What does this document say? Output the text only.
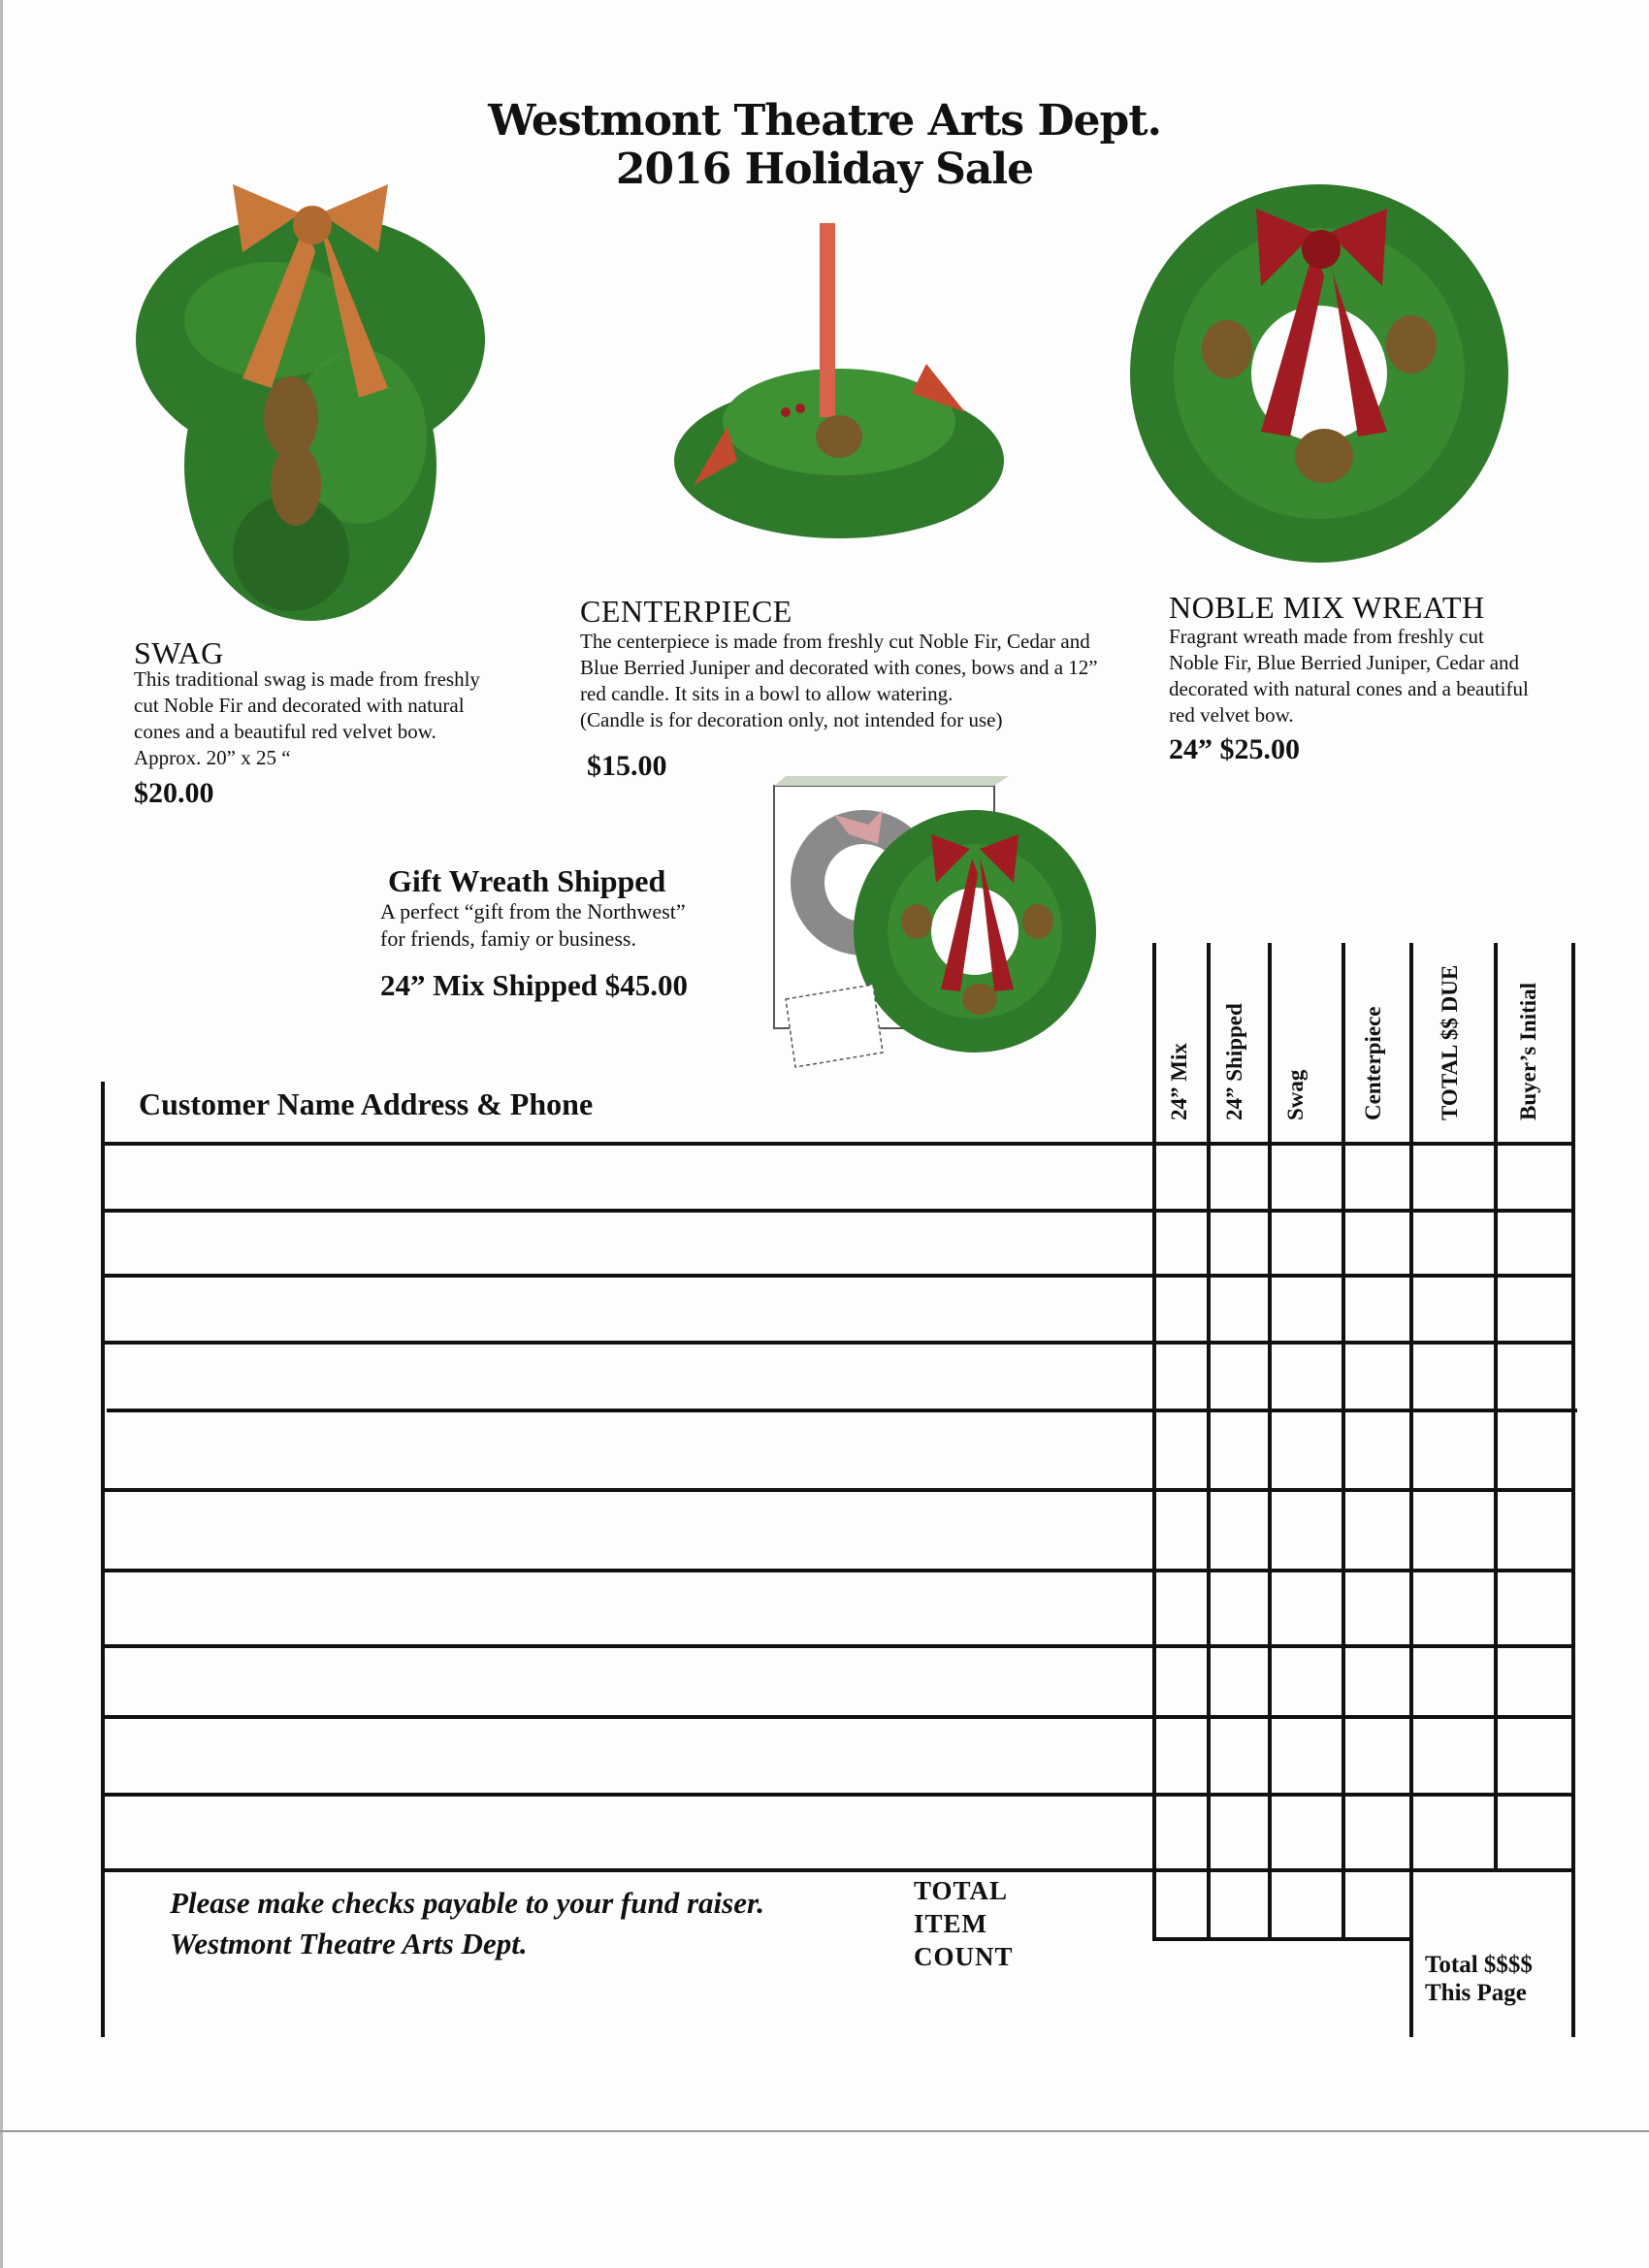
Westmont Theatre Arts Dept.
2016 Holiday Sale
SWAG
This traditional swag is made from freshly
cut Noble Fir and decorated with natural
cones and a beautiful red velvet bow.
Approx. 20” x 25 “
$20.00
CENTERPIECE
The centerpiece is made from freshly cut Noble Fir, Cedar and
Blue Berried Juniper and decorated with cones, bows and a 12”
red candle. It sits in a bowl to allow watering.
(Candle is for decoration only, not intended for use)
$15.00
NOBLE MIX WREATH
Fragrant wreath made from freshly cut
Noble Fir, Blue Berried Juniper, Cedar and
decorated with natural cones and a beautiful
red velvet bow.
24” $25.00
Gift Wreath Shipped
A perfect “gift from the Northwest”
for friends, famiy or business.
24” Mix Shipped $45.00
24” Mix 24” Shipped Swag Centerpiece TOTAL $$ DUE Buyer’s Initial
Customer Name Address & Phone
Please make checks payable to your fund raiser.
Westmont Theatre Arts Dept.
TOTAL
ITEM
COUNT	Total $$$$
This Page
